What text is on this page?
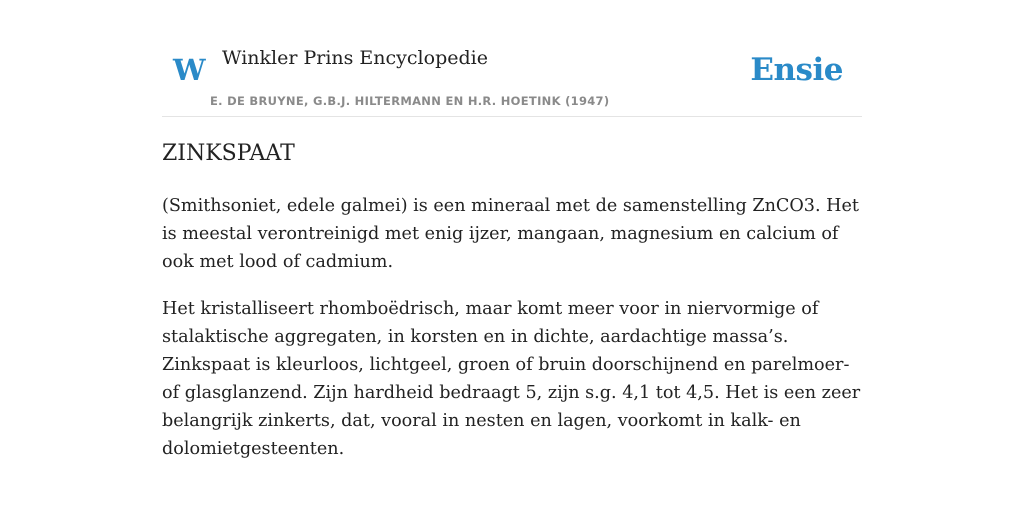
W Winkler Prins Encyclopedie
E. DE BRUYNE, G.B.J. HILTERMANN EN H.R. HOETINK (1947)
Ensie
ZINKSPAAT

(Smithsoniet, edele galmei) is een mineraal met de samenstelling ZnCO3. Het is meestal verontreinigd met enig ijzer, mangaan, magnesium en calcium of ook met lood of cadmium.

Het kristalliseert rhomboëdrisch, maar komt meer voor in niervormige of stalaktische aggregaten, in korsten en in dichte, aardachtige massa’s. Zinkspaat is kleurloos, lichtgeel, groen of bruin doorschijnend en parelmoer- of glasglanzend. Zijn hardheid bedraagt 5, zijn s.g. 4,1 tot 4,5. Het is een zeer belangrijk zinkerts, dat, vooral in nesten en lagen, voorkomt in kalk- en dolomietgesteenten.
